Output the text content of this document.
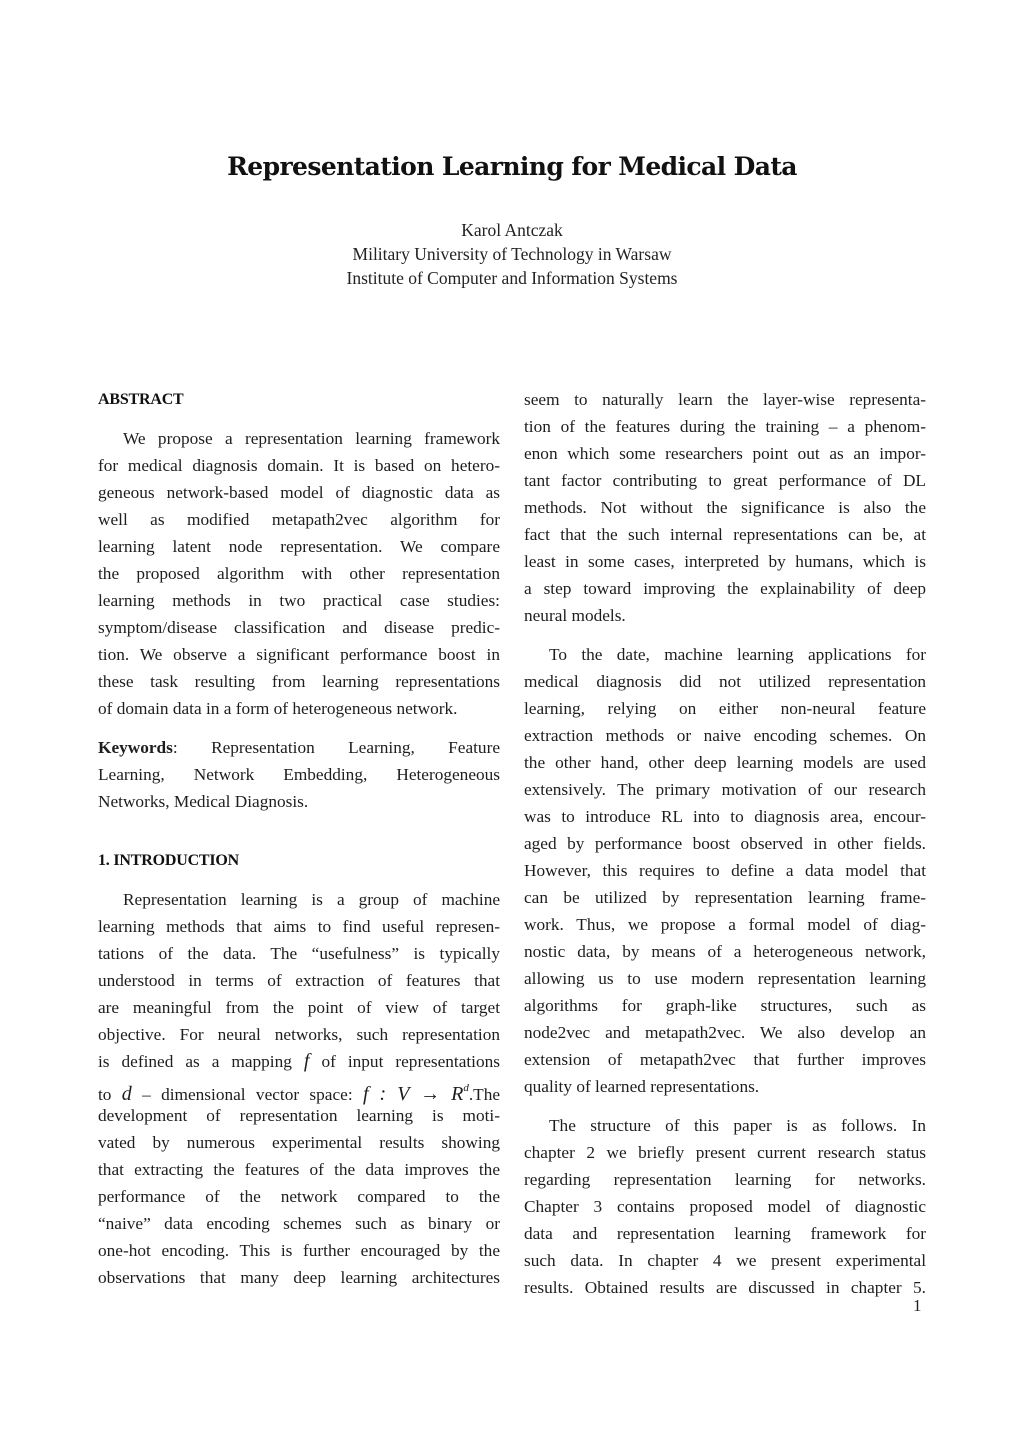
Representation Learning for Medical Data
Karol Antczak
Military University of Technology in Warsaw
Institute of Computer and Information Systems
ABSTRACT
We propose a representation learning framework
for medical diagnosis domain. It is based on hetero-
geneous network-based model of diagnostic data as
well as modified metapath2vec algorithm for
learning latent node representation. We compare
the proposed algorithm with other representation
learning methods in two practical case studies:
symptom/disease classification and disease predic-
tion. We observe a significant performance boost in
these task resulting from learning representations
of domain data in a form of heterogeneous network.
Keywords: Representation Learning, Feature
Learning, Network Embedding, Heterogeneous
Networks, Medical Diagnosis.
1. INTRODUCTION
Representation learning is a group of machine
learning methods that aims to find useful represen-
tations of the data. The “usefulness” is typically
understood in terms of extraction of features that
are meaningful from the point of view of target
objective. For neural networks, such representation
is defined as a mapping f of input representations
to d – dimensional vector space: f : $V \to R^d.The$
development of representation learning is moti-
vated by numerous experimental results showing
that extracting the features of the data improves the
performance of the network compared to the
“naive” data encoding schemes such as binary or
one-hot encoding. This is further encouraged by the
observations that many deep learning architectures
seem to naturally learn the layer-wise representa-
tion of the features during the training – a phenom-
enon which some researchers point out as an impor-
tant factor contributing to great performance of DL
methods. Not without the significance is also the
fact that the such internal representations can be, at
least in some cases, interpreted by humans, which is
a step toward improving the explainability of deep
neural models.
To the date, machine learning applications for
medical diagnosis did not utilized representation
learning, relying on either non-neural feature
extraction methods or naive encoding schemes. On
the other hand, other deep learning models are used
extensively. The primary motivation of our research
was to introduce RL into to diagnosis area, encour-
aged by performance boost observed in other fields.
However, this requires to define a data model that
can be utilized by representation learning frame-
work. Thus, we propose a formal model of diag-
nostic data, by means of a heterogeneous network,
allowing us to use modern representation learning
algorithms for graph-like structures, such as
node2vec and metapath2vec. We also develop an
extension of metapath2vec that further improves
quality of learned representations.
The structure of this paper is as follows. In
chapter 2 we briefly present current research status
regarding representation learning for networks.
Chapter 3 contains proposed model of diagnostic
data and representation learning framework for
such data. In chapter 4 we present experimental
results. Obtained results are discussed in chapter 5.
1
